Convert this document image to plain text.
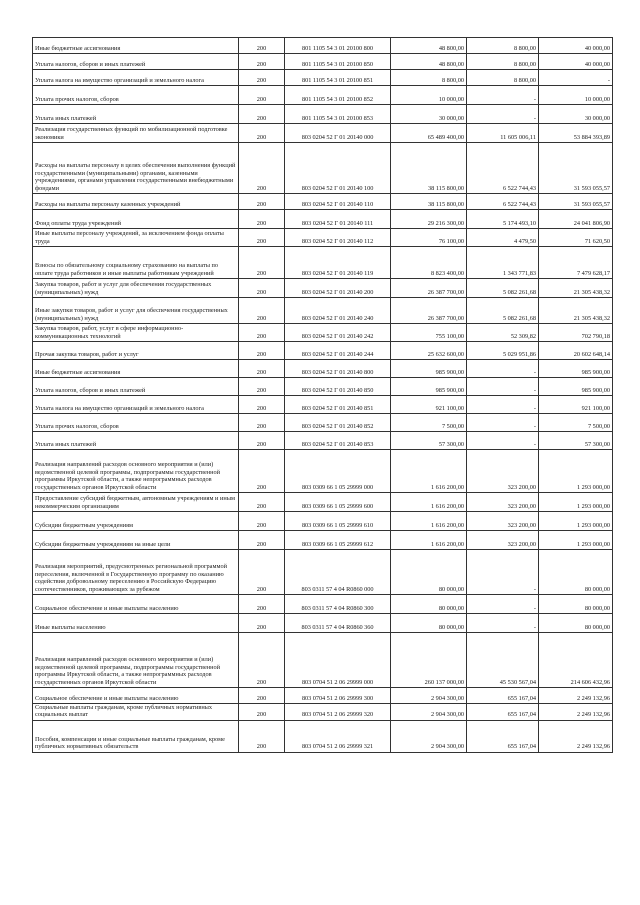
Иные бюджетные ассигнования	200	801 1105 54 3 01 20100 800	48 800,00	8 800,00	40 000,00
Уплата налогов, сборов и иных платежей	200	801 1105 54 3 01 20100 850	48 800,00	8 800,00	40 000,00
Уплата налога на имущество организаций и земельного налога	200	801 1105 54 3 01 20100 851	8 800,00	8 800,00	-
Уплата прочих налогов, сборов	200	801 1105 54 3 01 20100 852	10 000,00	-	10 000,00
Уплата иных платежей	200	801 1105 54 3 01 20100 853	30 000,00	-	30 000,00
Реализация государственных функций по мобилизационной подготовке экономики	200	803 0204 52 Г 01 20140 000	65 489 400,00	11 605 006,11	53 884 393,89
Расходы на выплаты персоналу в целях обеспечения выполнения функций государственными (муниципальными) органами, казенными учреждениями, органами управления государственными внебюджетными фондами	200	803 0204 52 Г 01 20140 100	38 115 800,00	6 522 744,43	31 593 055,57
Расходы на выплаты персоналу казенных учреждений	200	803 0204 52 Г 01 20140 110	38 115 800,00	6 522 744,43	31 593 055,57
Фонд оплаты труда учреждений	200	803 0204 52 Г 01 20140 111	29 216 300,00	5 174 493,10	24 041 806,90
Иные выплаты персоналу учреждений, за исключением фонда оплаты труда	200	803 0204 52 Г 01 20140 112	76 100,00	4 479,50	71 620,50
Взносы по обязательному социальному страхованию на выплаты по оплате труда работников и иные выплаты работникам учреждений	200	803 0204 52 Г 01 20140 119	8 823 400,00	1 343 771,83	7 479 628,17
Закупка товаров, работ и услуг для обеспечения государственных (муниципальных) нужд	200	803 0204 52 Г 01 20140 200	26 387 700,00	5 082 261,68	21 305 438,32
Иные закупки товаров, работ и услуг для обеспечения государственных (муниципальных) нужд	200	803 0204 52 Г 01 20140 240	26 387 700,00	5 082 261,68	21 305 438,32
Закупка товаров, работ, услуг в сфере информационно-коммуникационных технологий	200	803 0204 52 Г 01 20140 242	755 100,00	52 309,82	702 790,18
Прочая закупка товаров, работ и услуг	200	803 0204 52 Г 01 20140 244	25 632 600,00	5 029 951,86	20 602 648,14
Иные бюджетные ассигнования	200	803 0204 52 Г 01 20140 800	985 900,00	-	985 900,00
Уплата налогов, сборов и иных платежей	200	803 0204 52 Г 01 20140 850	985 900,00	-	985 900,00
Уплата налога на имущество организаций и земельного налога	200	803 0204 52 Г 01 20140 851	921 100,00	-	921 100,00
Уплата прочих налогов, сборов	200	803 0204 52 Г 01 20140 852	7 500,00	-	7 500,00
Уплата иных платежей	200	803 0204 52 Г 01 20140 853	57 300,00	-	57 300,00
Реализация направлений расходов основного мероприятия и (или) ведомственной целевой программы, подпрограммы государственной программы Иркутской области, а также непрограммных расходов государственных органов Иркутской области	200	803 0309 66 1 05 29999 000	1 616 200,00	323 200,00	1 293 000,00
Предоставление субсидий бюджетным, автономным учреждениям и иным некоммерческим организациям	200	803 0309 66 1 05 29999 600	1 616 200,00	323 200,00	1 293 000,00
Субсидии бюджетным учреждениям	200	803 0309 66 1 05 29999 610	1 616 200,00	323 200,00	1 293 000,00
Субсидии бюджетным учреждениям на иные цели	200	803 0309 66 1 05 29999 612	1 616 200,00	323 200,00	1 293 000,00
Реализация мероприятий, предусмотренных региональной программой переселения, включенной в Государственную программу по оказанию содействия добровольному переселению в Российскую Федерацию соотечественников, проживающих за рубежом	200	803 0311 57 4 04 R0860 000	80 000,00	-	80 000,00
Социальное обеспечение и иные выплаты населению	200	803 0311 57 4 04 R0860 300	80 000,00	-	80 000,00
Иные выплаты населению	200	803 0311 57 4 04 R0860 360	80 000,00	-	80 000,00
Реализация направлений расходов основного мероприятия и (или) ведомственной целевой программы, подпрограммы государственной программы Иркутской области, а также непрограммных расходов государственных органов Иркутской области	200	803 0704 51 2 06 29999 000	260 137 000,00	45 530 567,04	214 606 432,96
Социальное обеспечение и иные выплаты населению	200	803 0704 51 2 06 29999 300	2 904 300,00	655 167,04	2 249 132,96
Социальные выплаты гражданам, кроме публичных нормативных социальных выплат	200	803 0704 51 2 06 29999 320	2 904 300,00	655 167,04	2 249 132,96
Пособия, компенсации и иные социальные выплаты гражданам, кроме публичных нормативных обязательств	200	803 0704 51 2 06 29999 321	2 904 300,00	655 167,04	2 249 132,96
